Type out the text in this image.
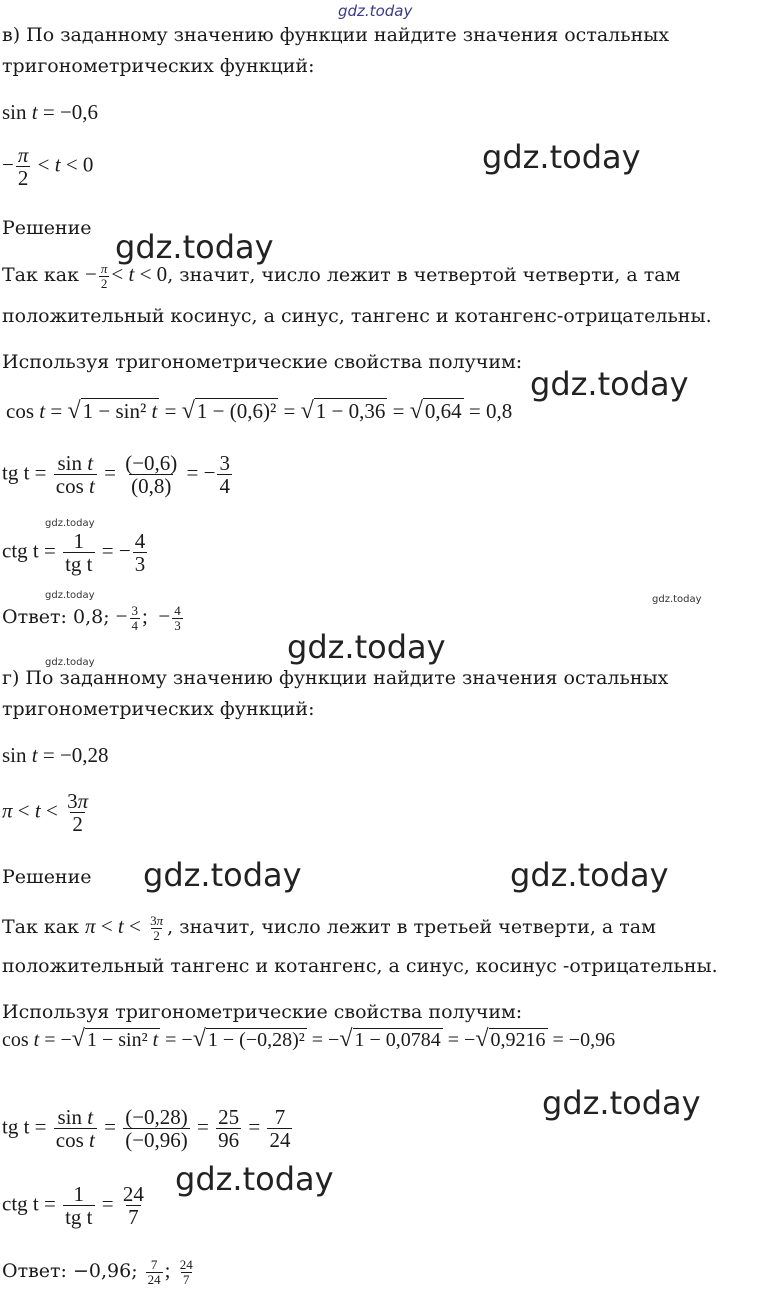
gdz.today
gdz.today
gdz.today
gdz.today
gdz.today
gdz.today	gdz.today
gdz.today
gdz.today
gdz.today	gdz.today
gdz.today
gdz.today
в) По заданному значению функции найдите значения остальных
тригонометрических функций:
sin t = −0,6
− $\frac{\pi}{2} < t < 0$
Решение
Так как − $\frac{\pi}{2} < t < 0$, значит, число лежит в четвертой четверти, а там
положительный косинус, а синус, тангенс и котангенс-отрицательны.
Используя тригонометрические свойства получим:
cos t = √1 − sin² t = √1 − (0,6)² = √1 − 0,36 = √0,64 = 0,8
tg $t = \frac{\text{sin t}}{\text{cos t}} = \frac{(-0,6)}{(0,8)}$ = − $\frac{3}{4}$
ctg $t = \frac{1}{\text{tg t}}$ = − $\frac{4}{3}$
Ответ: 0,8; − $\frac{3}{4}$ ;  − $\frac{4}{3}$
г) По заданному значению функции найдите значения остальных
тригонометрических функций:
sin t = −0,28
$\pi < t < \frac{3\pi}{2}$
Решение
Так как $\pi < t < \frac{3\pi}{2}$ , значит, число лежит в третьей четверти, а там
положительный тангенс и котангенс, а синус, косинус -отрицательны.
Используя тригонометрические свойства получим:
cos t = −√ 1 − sin² t = −√ 1 − (−0,28)² = −√ 1 − 0,0784 = −√ 0,9216 = −0,96
tg $t = \frac{\text{sin t}}{\text{cos t}} = \frac{(-0,28)}{(-0,96)} = \frac{25}{96} = \frac{7}{24}$
ctg $t = \frac{1}{\text{tg t}} = \frac{24}{7}$
Ответ: −0,96; $\frac{7}{24}$ ; $\frac{24}{7}$
